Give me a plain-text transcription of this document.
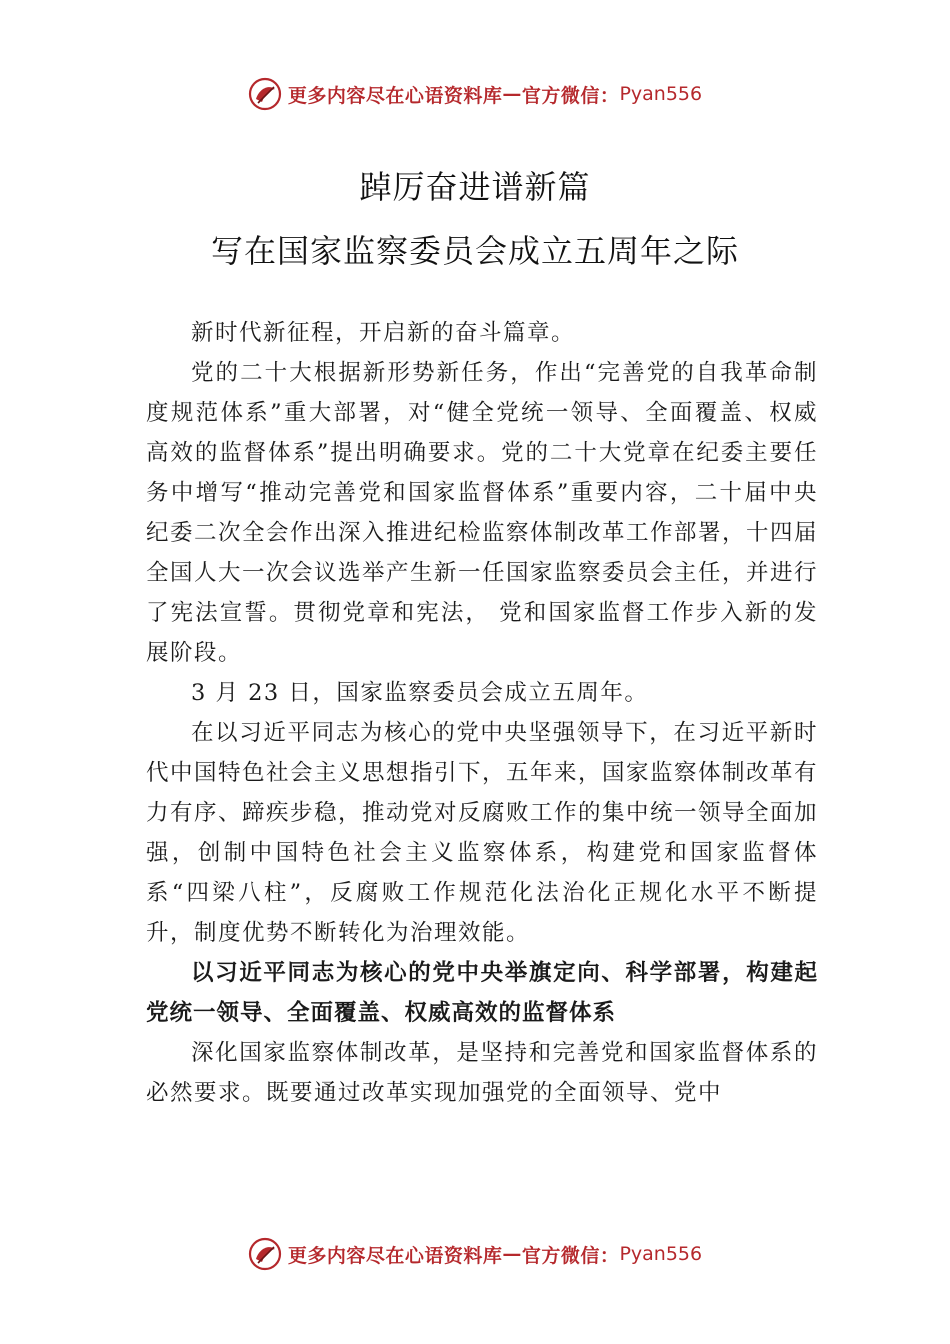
更多内容尽在心语资料库 — 官方微信： Pyan556
踔厉奋进谱新篇
写在国家监察委员会成立五周年之际

新时代新征程，开启新的奋斗篇章。

党的二十大根据新形势新任务，作出“完善党的自我革命制度规范体系”重大部署，对“健全党统一领导、全面覆盖、权威高效的监督体系”提出明确要求。党的二十大党章在纪委主要任务中增写“推动完善党和国家监督体系”重要内容，二十届中央纪委二次全会作出深入推进纪检监察体制改革工作部署，十四届全国人大一次会议选举产生新一任国家监察委员会主任，并进行了宪法宣誓。贯彻党章和宪法， 党和国家监督工作步入新的发展阶段。

3 月 23 日，国家监察委员会成立五周年。

在以习近平同志为核心的党中央坚强领导下，在习近平新时代中国特色社会主义思想指引下，五年来，国家监察体制改革有力有序、蹄疾步稳，推动党对反腐败工作的集中统一领导全面加强，创制中国特色社会主义监察体系，构建党和国家监督体系“四梁八柱”，反腐败工作规范化法治化正规化水平不断提升，制度优势不断转化为治理效能。

以习近平同志为核心的党中央举旗定向、科学部署，构建起党统一领导、全面覆盖、权威高效的监督体系

深化国家监察体制改革，是坚持和完善党和国家监督体系的必然要求。既要通过改革实现加强党的全面领导、党中

更多内容尽在心语资料库 — 官方微信： Pyan556
